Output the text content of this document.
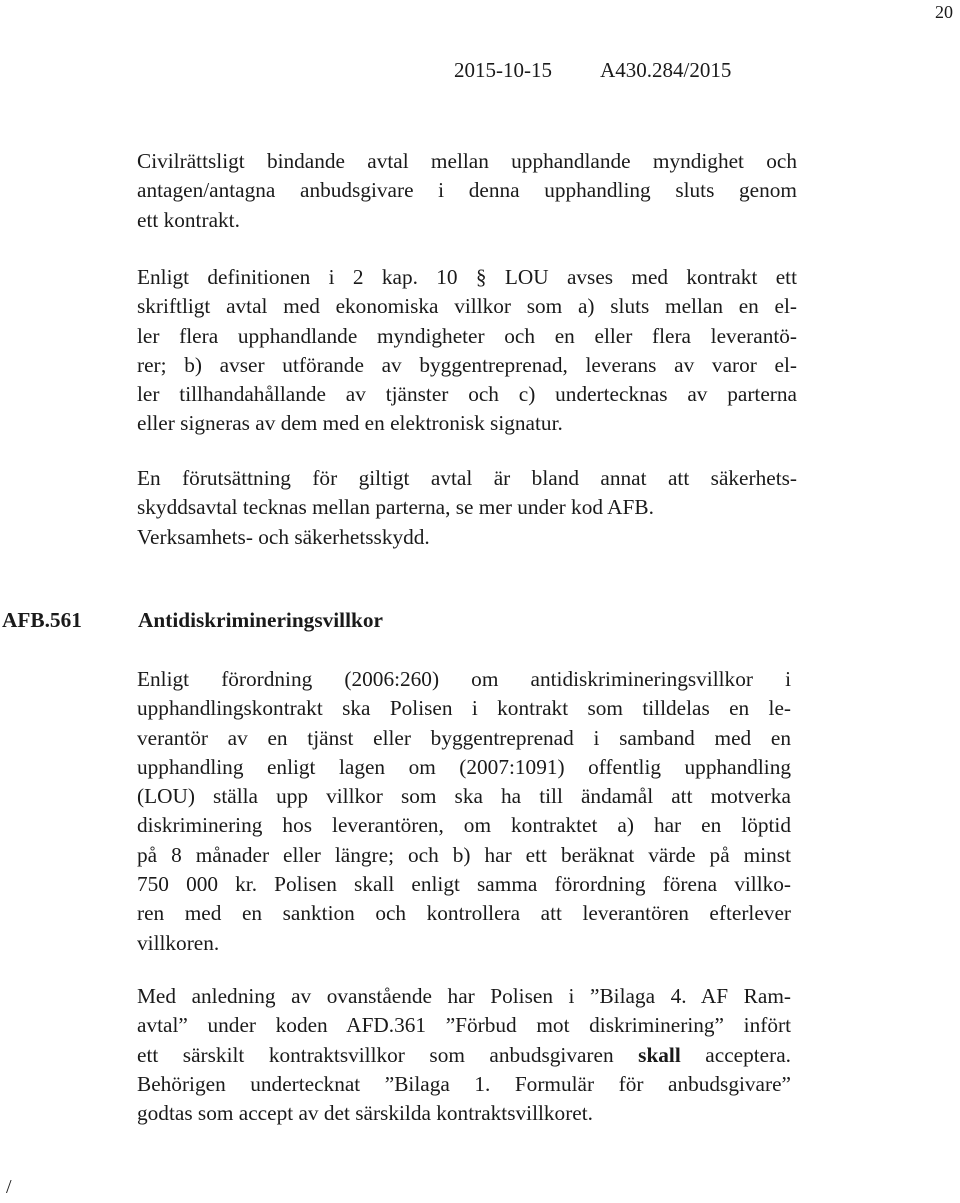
20
2015-10-15 A430.284/2015
Civilrättsligt bindande avtal mellan upphandlande myndighet och
antagen/antagna anbudsgivare i denna upphandling sluts genom
ett kontrakt.
Enligt definitionen i 2 kap. 10 § LOU avses med kontrakt ett
skriftligt avtal med ekonomiska villkor som a) sluts mellan en el-
ler flera upphandlande myndigheter och en eller flera leverantö-
rer; b) avser utförande av byggentreprenad, leverans av varor el-
ler tillhandahållande av tjänster och c) undertecknas av parterna
eller signeras av dem med en elektronisk signatur.
En förutsättning för giltigt avtal är bland annat att säkerhets-
skyddsavtal tecknas mellan parterna, se mer under kod AFB.
Verksamhets- och säkerhetsskydd.
AFB.561	Antidiskrimineringsvillkor
Enligt förordning (2006:260) om antidiskrimineringsvillkor i
upphandlingskontrakt ska Polisen i kontrakt som tilldelas en le-
verantör av en tjänst eller byggentreprenad i samband med en
upphandling enligt lagen om (2007:1091) offentlig upphandling
(LOU) ställa upp villkor som ska ha till ändamål att motverka
diskriminering hos leverantören, om kontraktet a) har en löptid
på 8 månader eller längre; och b) har ett beräknat värde på minst
750 000 kr. Polisen skall enligt samma förordning förena villko-
ren med en sanktion och kontrollera att leverantören efterlever
villkoren.
Med anledning av ovanstående har Polisen i ”Bilaga 4. AF Ram-
avtal” under koden AFD.361 ”Förbud mot diskriminering” infört
ett särskilt kontraktsvillkor som anbudsgivaren skall acceptera.
Behörigen undertecknat ”Bilaga 1. Formulär för anbudsgivare”
godtas som accept av det särskilda kontraktsvillkoret.
/
